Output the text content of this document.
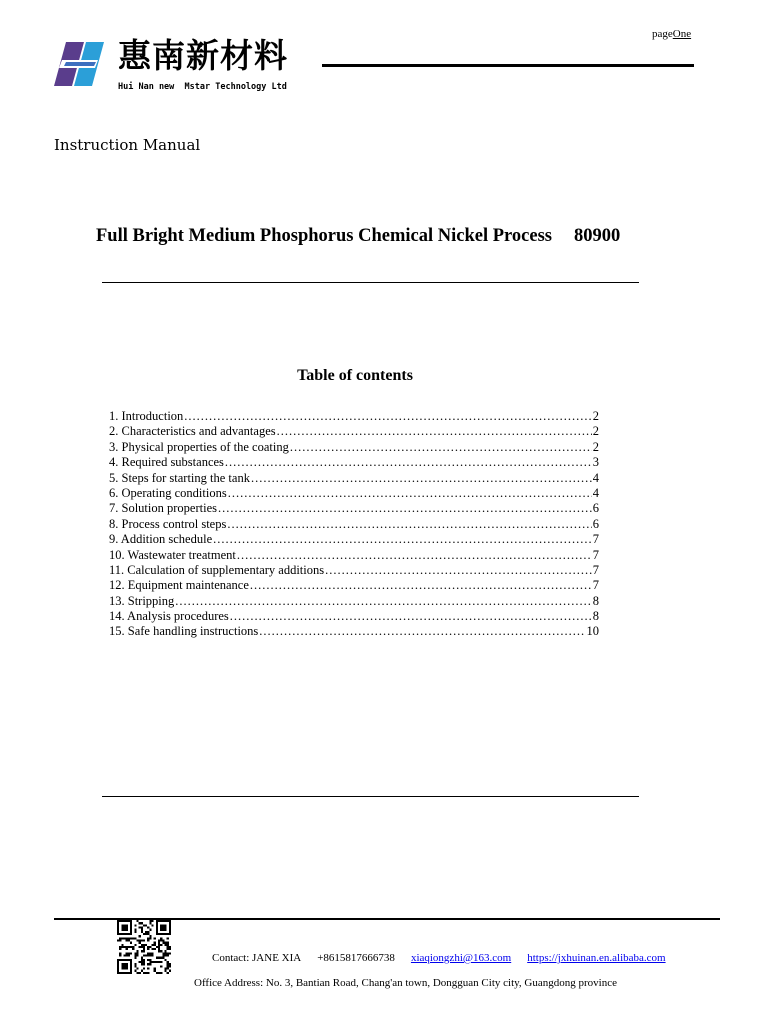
惠南新材料
Hui Nan new  Mstar Technology Ltd
pageOne
Instruction Manual
Full Bright Medium Phosphorus Chemical Nickel Process 80900
Table of contents
1. Introduction .....	2
2. Characteristics and advantages .....	2
3. Physical properties of the coating .....	2
4. Required substances .....	3
5. Steps for starting the tank .....	4
6. Operating conditions .....	4
7. Solution properties .....	6
8. Process control steps .....	6
9. Addition schedule .....	7
10. Wastewater treatment .....	7
11. Calculation of supplementary additions .....	7
12. Equipment maintenance .....	7
13. Stripping .....	8
14. Analysis procedures .....	8
15. Safe handling instructions .....	10
Contact: JANE XIA +8615817666738 xiaqiongzhi@163.com https://jxhuinan.en.alibaba.com
Office Address: No. 3, Bantian Road, Chang'an town, Dongguan City city, Guangdong province
